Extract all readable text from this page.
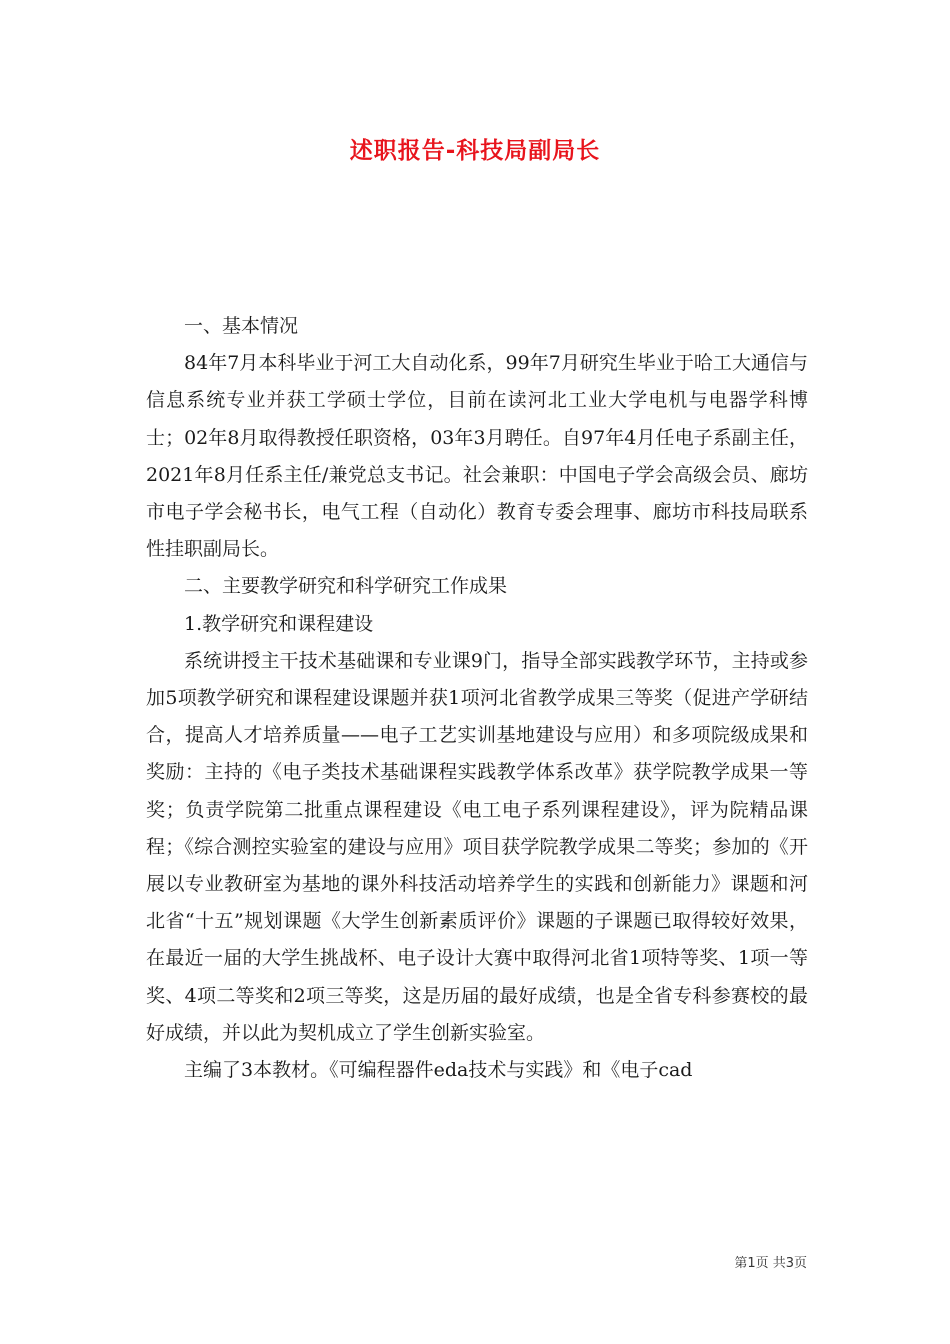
述职报告-科技局副局长

一、基本情况

84年7月本科毕业于河工大自动化系，99年7月研究生毕业于哈工大通信与信息系统专业并获工学硕士学位，目前在读河北工业大学电机与电器学科博士；02年8月取得教授任职资格，03年3月聘任。自97年4月任电子系副主任，2021年8月任系主任/兼党总支书记。社会兼职：中国电子学会高级会员、廊坊市电子学会秘书长，电气工程（自动化）教育专委会理事、廊坊市科技局联系性挂职副局长。

二、主要教学研究和科学研究工作成果

1.教学研究和课程建设

系统讲授主干技术基础课和专业课9门，指导全部实践教学环节，主持或参加5项教学研究和课程建设课题并获1项河北省教学成果三等奖（促进产学研结合，提高人才培养质量——电子工艺实训基地建设与应用）和多项院级成果和奖励：主持的《电子类技术基础课程实践教学体系改革》获学院教学成果一等奖；负责学院第二批重点课程建设《电工电子系列课程建设》，评为院精品课程；《综合测控实验室的建设与应用》项目获学院教学成果二等奖；参加的《开展以专业教研室为基地的课外科技活动培养学生的实践和创新能力》课题和河北省“十五”规划课题《大学生创新素质评价》课题的子课题已取得较好效果，在最近一届的大学生挑战杯、电子设计大赛中取得河北省1项特等奖、1项一等奖、4项二等奖和2项三等奖，这是历届的最好成绩，也是全省专科参赛校的最好成绩，并以此为契机成立了学生创新实验室。

主编了3本教材。《可编程器件eda技术与实践》和《电子cad

第1页 共3页
